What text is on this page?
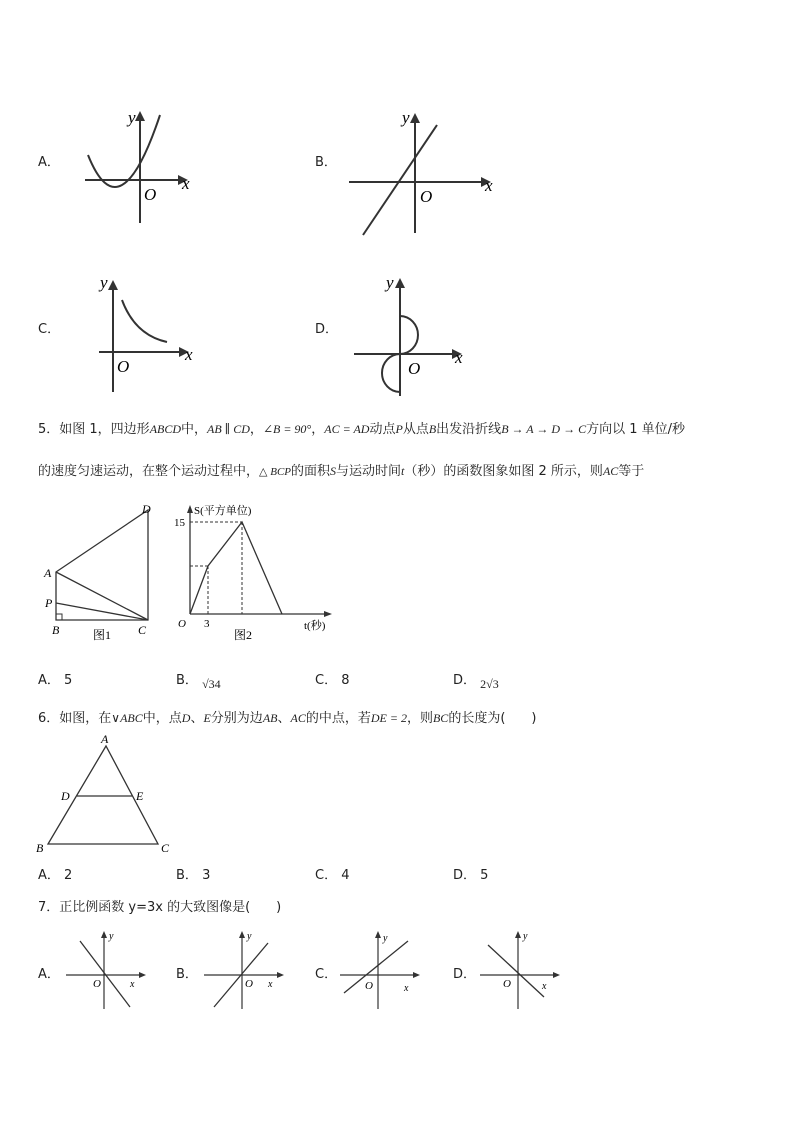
A．
y
x
O
B．
y
x
O
C．
y
x
O
D．
y
x
O
5．如图 1，四边形ABCD中，AB ∥ CD，∠B = 90°，AC = AD动点P从点B出发沿折线B → A → D → C方向以 1 单位/秒
的速度匀速运动，在整个运动过程中，△ BCP的面积S与运动时间t（秒）的函数图象如图 2 所示，则AC等于
D
A
P
B	C
图1
S(平方单位)
15
O 3	t(秒)
图2
A． 5	B． √34	C． 8	D． 2√3
6．如图，在∨ABC中，点D、E分别为边AB、AC的中点，若DE = 2，则BC的长度为(　　)
A
D	E
B	C
A． 2	B． 3	C． 4	D． 5
7．正比例函数 y=3x 的大致图像是(　　)
A．
y
x
O
B．
y
x
O
C．
y
x
O
D．
y
x
O
